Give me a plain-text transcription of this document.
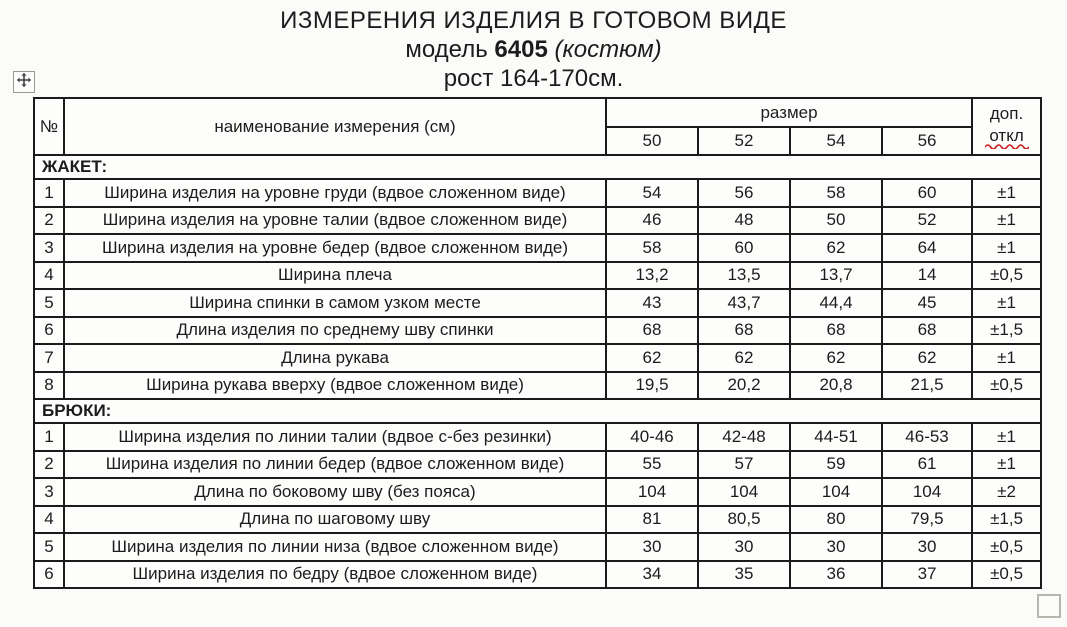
ИЗМЕРЕНИЯ ИЗДЕЛИЯ В ГОТОВОМ ВИДЕ
модель 6405 (костюм)
рост 164-170см.
№	наименование измерения (см)	размер				доп.
откл

		50	52	54	56	
ЖАКЕТ:						
1	Ширина изделия на уровне груди (вдвое сложенном виде)	54	56	58	60	±1
2	Ширина изделия на уровне талии (вдвое сложенном виде)	46	48	50	52	±1
3	Ширина изделия на уровне бедер (вдвое сложенном виде)	58	60	62	64	±1
4	Ширина плеча	13,2	13,5	13,7	14	±0,5
5	Ширина спинки в самом узком месте	43	43,7	44,4	45	±1
6	Длина изделия по среднему шву спинки	68	68	68	68	±1,5
7	Длина рукава	62	62	62	62	±1
8	Ширина рукава вверху (вдвое сложенном виде)	19,5	20,2	20,8	21,5	±0,5
БРЮКИ:						
1	Ширина изделия по линии талии (вдвое с-без резинки)	40-46	42-48	44-51	46-53	±1
2	Ширина изделия по линии бедер (вдвое сложенном виде)	55	57	59	61	±1
3	Длина по боковому шву (без пояса)	104	104	104	104	±2
4	Длина по шаговому шву	81	80,5	80	79,5	±1,5
5	Ширина изделия по линии низа (вдвое сложенном виде)	30	30	30	30	±0,5
6	Ширина изделия по бедру (вдвое сложенном виде)	34	35	36	37	±0,5
